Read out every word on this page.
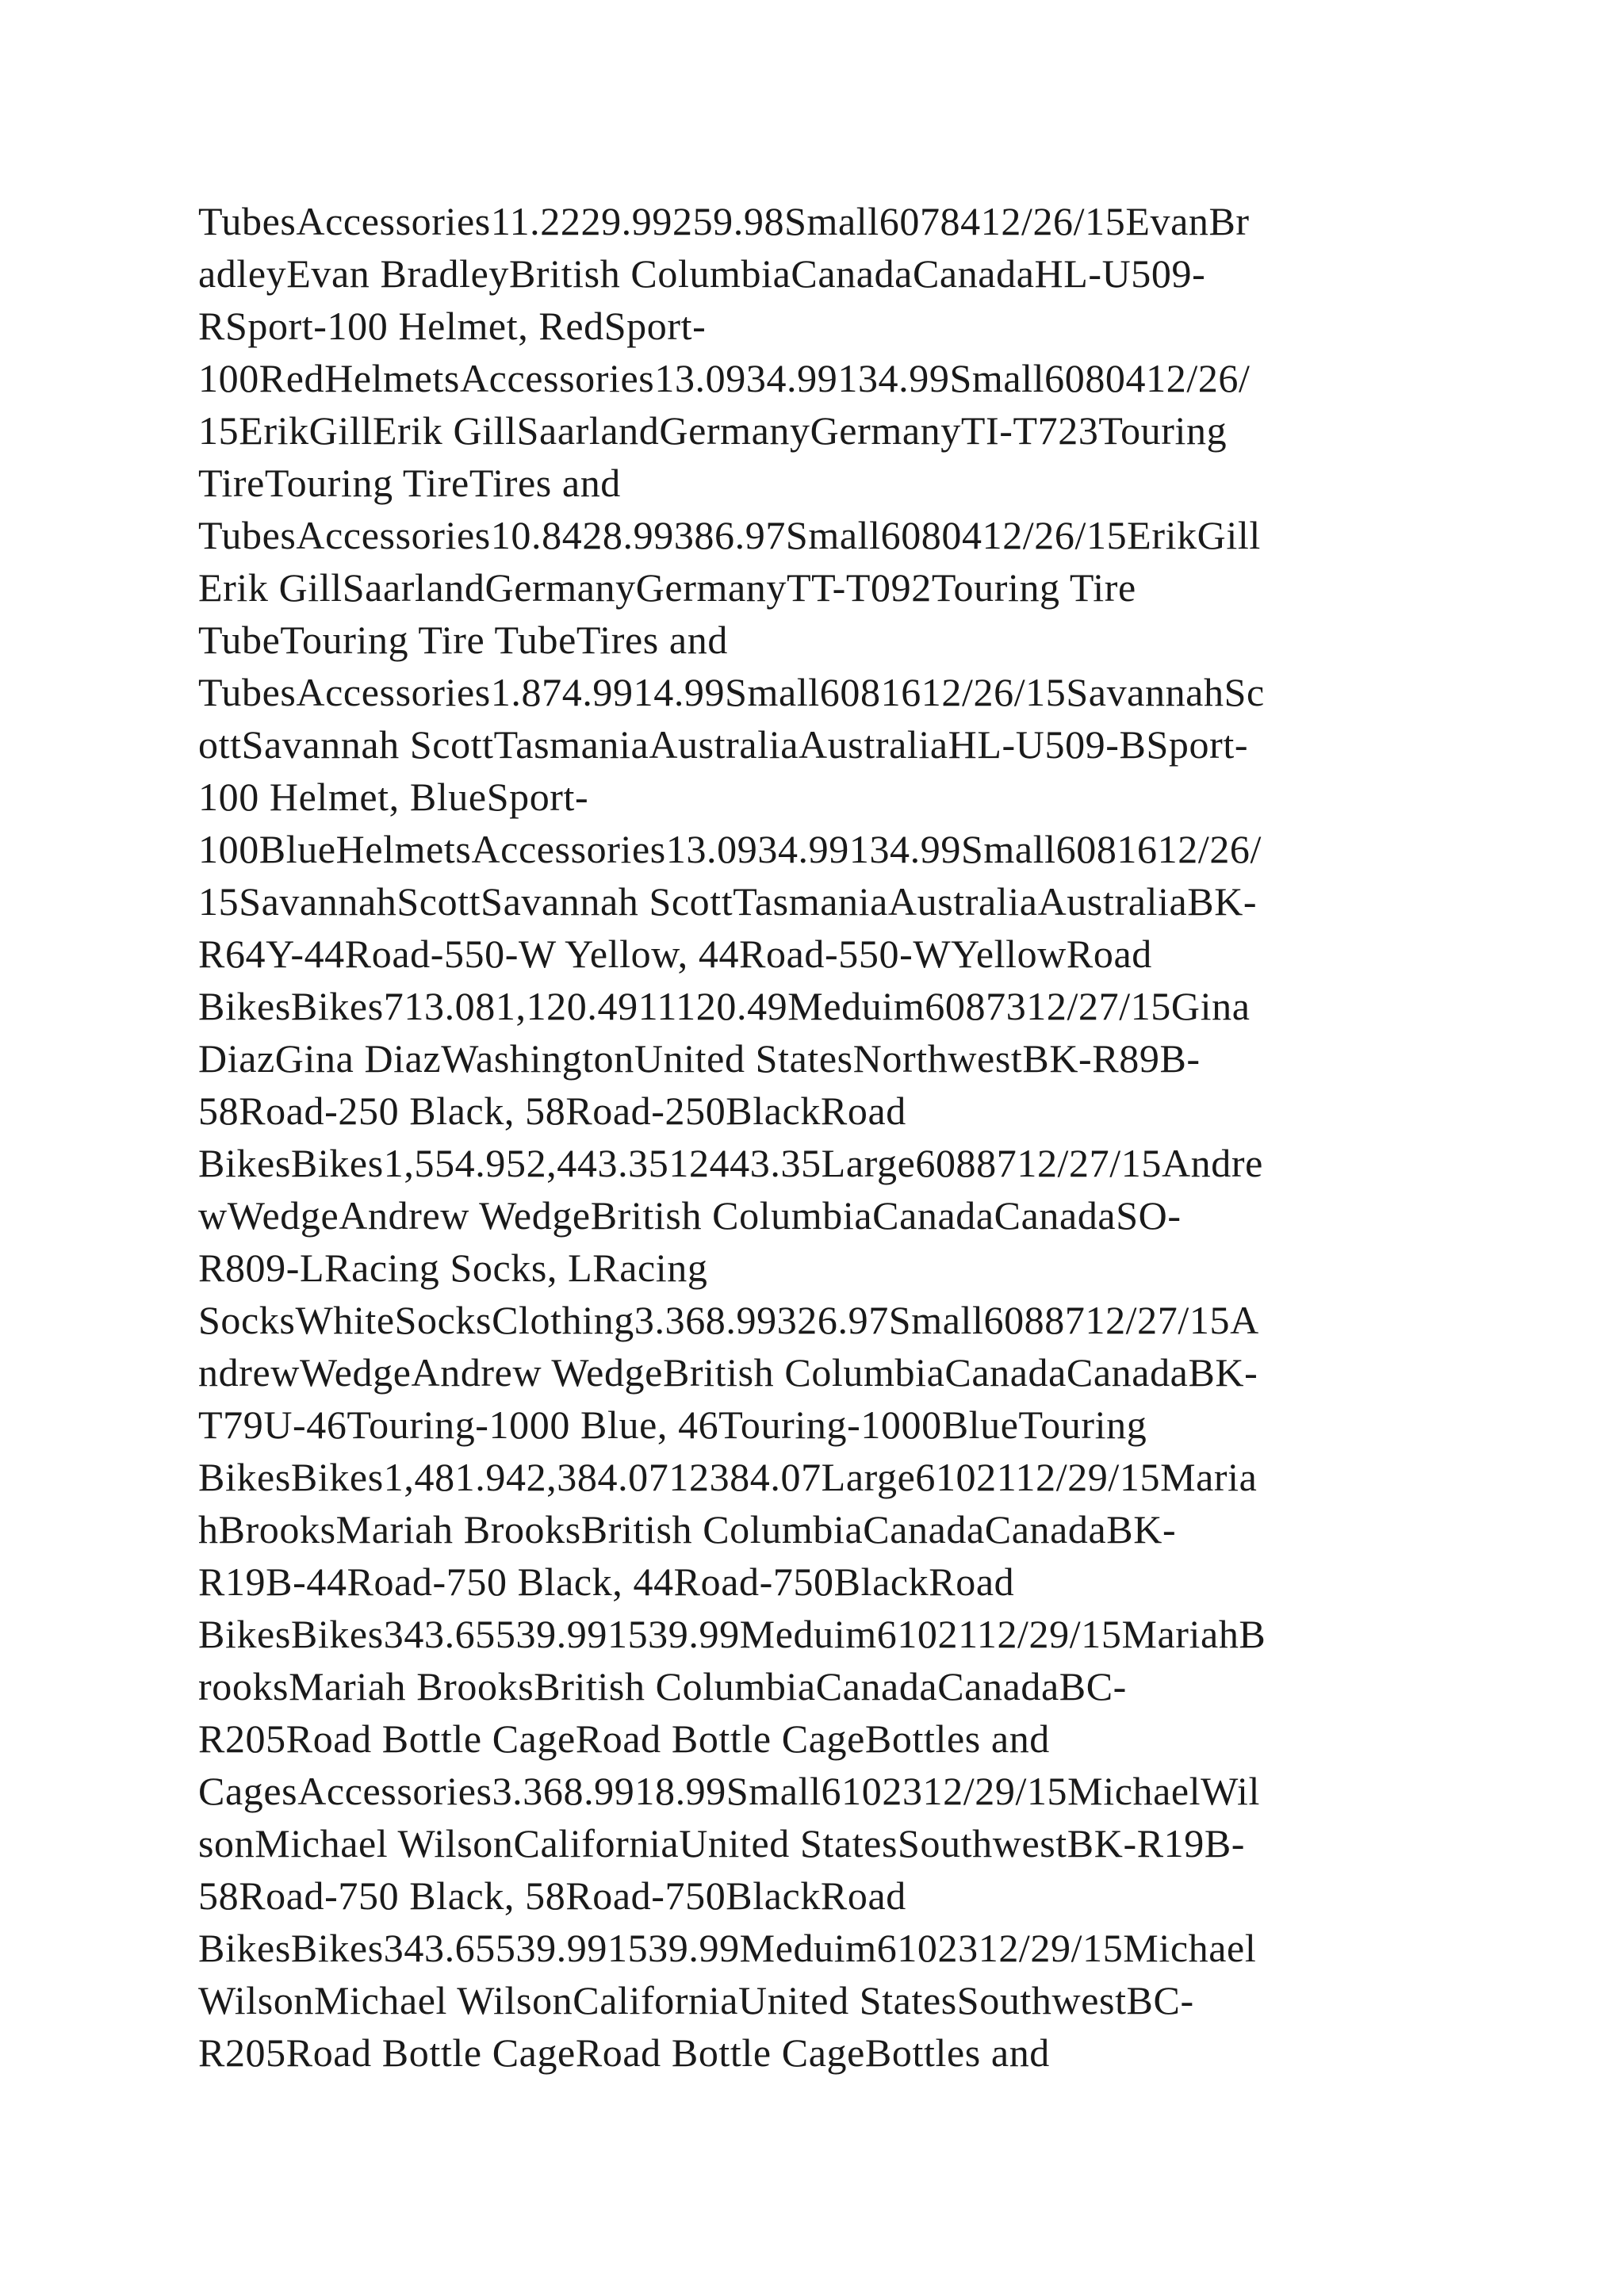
TubesAccessories11.2229.99259.98Small6078412/26/15EvanBr
adleyEvan BradleyBritish ColumbiaCanadaCanadaHL-U509-
RSport-100 Helmet, RedSport-
100RedHelmetsAccessories13.0934.99134.99Small6080412/26/
15ErikGillErik GillSaarlandGermanyGermanyTI-T723Touring
TireTouring TireTires and
TubesAccessories10.8428.99386.97Small6080412/26/15ErikGill
Erik GillSaarlandGermanyGermanyTT-T092Touring Tire
TubeTouring Tire TubeTires and
TubesAccessories1.874.9914.99Small6081612/26/15SavannahSc
ottSavannah ScottTasmaniaAustraliaAustraliaHL-U509-BSport-
100 Helmet, BlueSport-
100BlueHelmetsAccessories13.0934.99134.99Small6081612/26/
15SavannahScottSavannah ScottTasmaniaAustraliaAustraliaBK-
R64Y-44Road-550-W Yellow, 44Road-550-WYellowRoad
BikesBikes713.081,120.4911120.49Meduim6087312/27/15Gina
DiazGina DiazWashingtonUnited StatesNorthwestBK-R89B-
58Road-250 Black, 58Road-250BlackRoad
BikesBikes1,554.952,443.3512443.35Large6088712/27/15Andre
wWedgeAndrew WedgeBritish ColumbiaCanadaCanadaSO-
R809-LRacing Socks, LRacing
SocksWhiteSocksClothing3.368.99326.97Small6088712/27/15A
ndrewWedgeAndrew WedgeBritish ColumbiaCanadaCanadaBK-
T79U-46Touring-1000 Blue, 46Touring-1000BlueTouring
BikesBikes1,481.942,384.0712384.07Large6102112/29/15Maria
hBrooksMariah BrooksBritish ColumbiaCanadaCanadaBK-
R19B-44Road-750 Black, 44Road-750BlackRoad
BikesBikes343.65539.991539.99Meduim6102112/29/15MariahB
rooksMariah BrooksBritish ColumbiaCanadaCanadaBC-
R205Road Bottle CageRoad Bottle CageBottles and
CagesAccessories3.368.9918.99Small6102312/29/15MichaelWil
sonMichael WilsonCaliforniaUnited StatesSouthwestBK-R19B-
58Road-750 Black, 58Road-750BlackRoad
BikesBikes343.65539.991539.99Meduim6102312/29/15Michael
WilsonMichael WilsonCaliforniaUnited StatesSouthwestBC-
R205Road Bottle CageRoad Bottle CageBottles and
